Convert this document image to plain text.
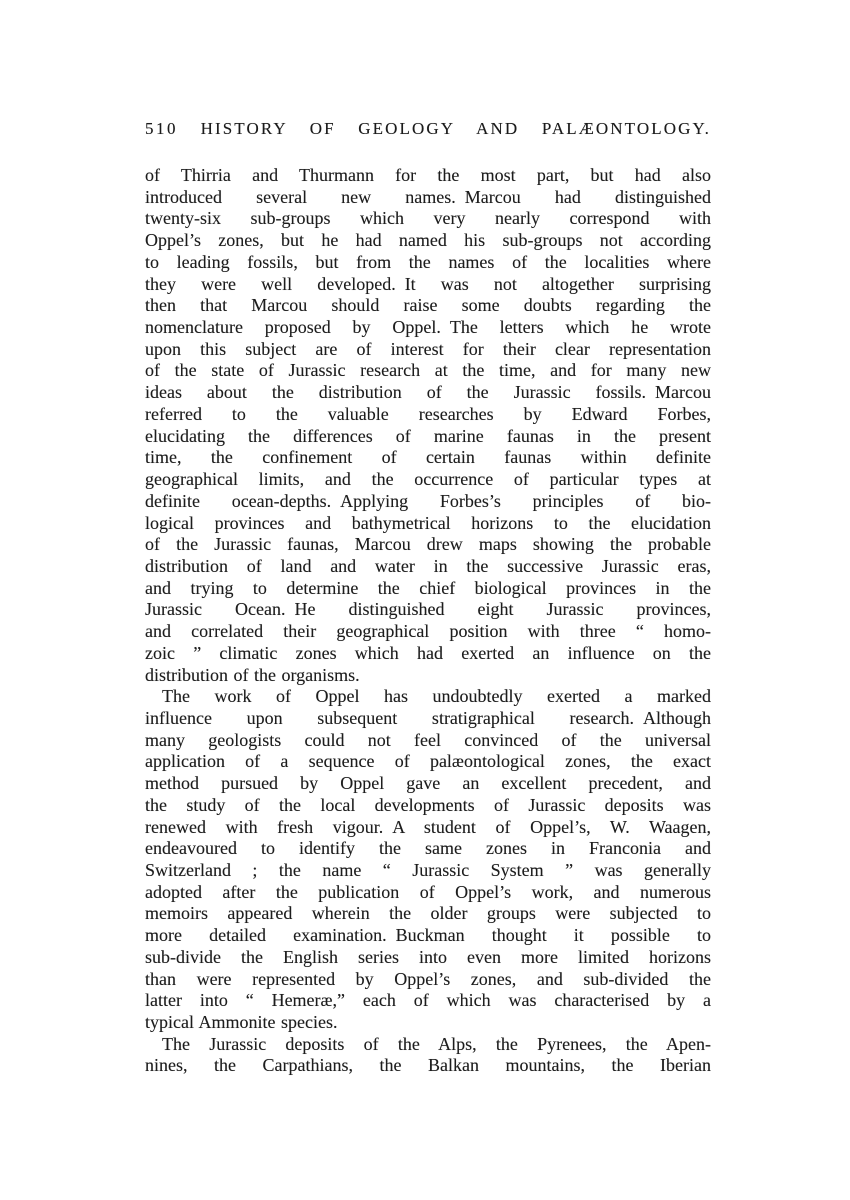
510 HISTORY OF GEOLOGY AND PALÆONTOLOGY.
of Thirria and Thurmann for the most part, but had also
introduced several new names. Marcou had distinguished
twenty-six sub-groups which very nearly correspond with
Oppel’s zones, but he had named his sub-groups not according
to leading fossils, but from the names of the localities where
they were well developed. It was not altogether surprising
then that Marcou should raise some doubts regarding the
nomenclature proposed by Oppel. The letters which he wrote
upon this subject are of interest for their clear representation
of the state of Jurassic research at the time, and for many new
ideas about the distribution of the Jurassic fossils. Marcou
referred to the valuable researches by Edward Forbes,
elucidating the differences of marine faunas in the present
time, the confinement of certain faunas within definite
geographical limits, and the occurrence of particular types at
definite ocean-depths. Applying Forbes’s principles of bio-
logical provinces and bathymetrical horizons to the elucidation
of the Jurassic faunas, Marcou drew maps showing the probable
distribution of land and water in the successive Jurassic eras,
and trying to determine the chief biological provinces in the
Jurassic Ocean. He distinguished eight Jurassic provinces,
and correlated their geographical position with three “ homo-
zoic ” climatic zones which had exerted an influence on the
distribution of the organisms.
The work of Oppel has undoubtedly exerted a marked
influence upon subsequent stratigraphical research. Although
many geologists could not feel convinced of the universal
application of a sequence of palæontological zones, the exact
method pursued by Oppel gave an excellent precedent, and
the study of the local developments of Jurassic deposits was
renewed with fresh vigour. A student of Oppel’s, W. Waagen,
endeavoured to identify the same zones in Franconia and
Switzerland ; the name “ Jurassic System ” was generally
adopted after the publication of Oppel’s work, and numerous
memoirs appeared wherein the older groups were subjected to
more detailed examination. Buckman thought it possible to
sub-divide the English series into even more limited horizons
than were represented by Oppel’s zones, and sub-divided the
latter into “ Hemeræ,” each of which was characterised by a
typical Ammonite species.
The Jurassic deposits of the Alps, the Pyrenees, the Apen-
nines, the Carpathians, the Balkan mountains, the Iberian
